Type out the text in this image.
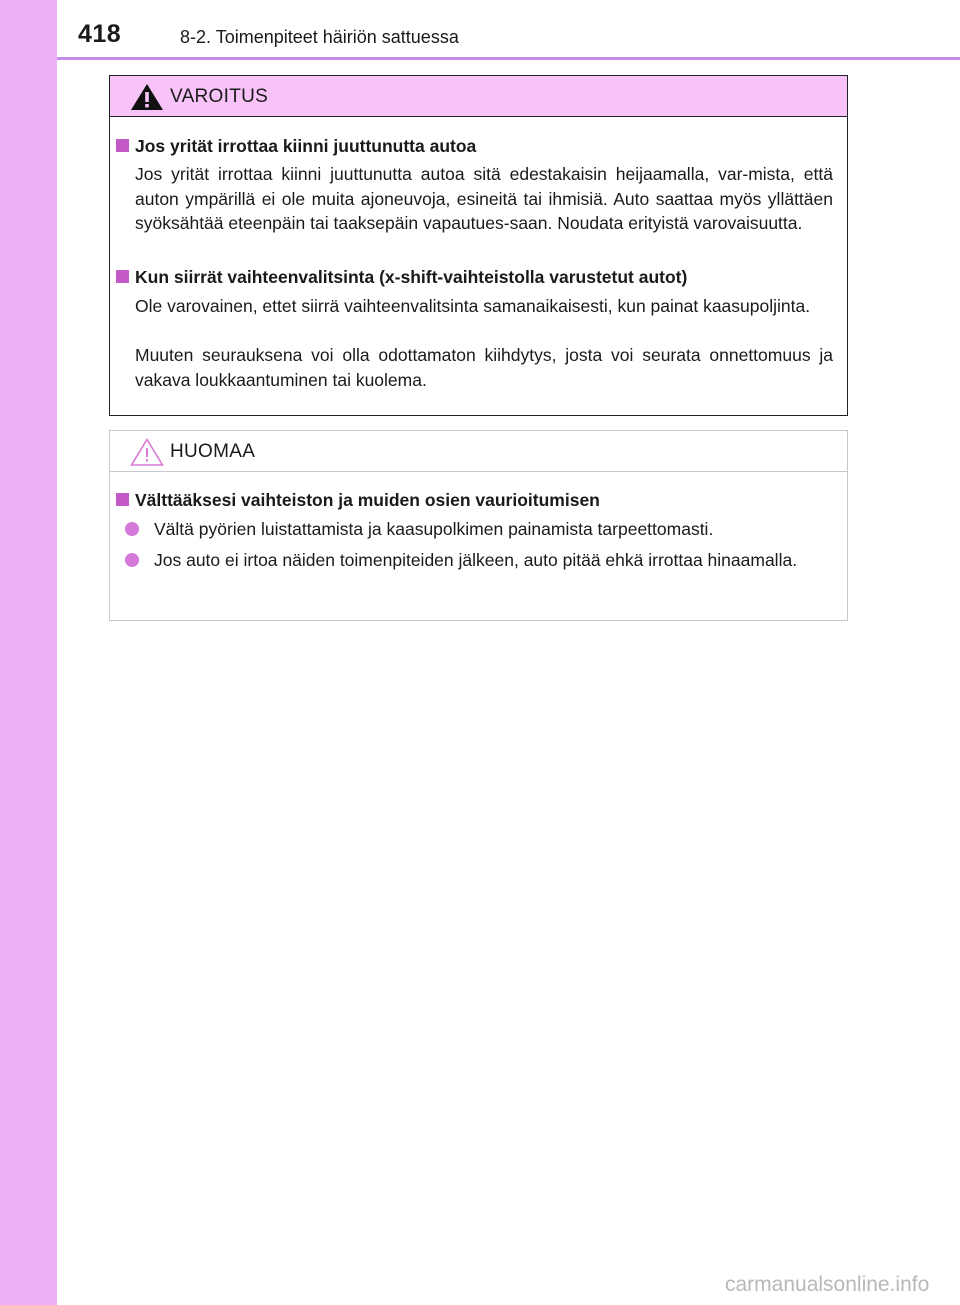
418	8-2. Toimenpiteet häiriön sattuessa
VAROITUS
Jos yrität irrottaa kiinni juuttunutta autoa
Jos yrität irrottaa kiinni juuttunutta autoa sitä edestakaisin heijaamalla, var-mista, että auton ympärillä ei ole muita ajoneuvoja, esineitä tai ihmisiä. Auto saattaa myös yllättäen syöksähtää eteenpäin tai taaksepäin vapautues-saan. Noudata erityistä varovaisuutta.
Kun siirrät vaihteenvalitsinta (x-shift-vaihteistolla varustetut autot)
Ole varovainen, ettet siirrä vaihteenvalitsinta samanaikaisesti, kun painat kaasupoljinta.
Muuten seurauksena voi olla odottamaton kiihdytys, josta voi seurata onnettomuus ja vakava loukkaantuminen tai kuolema.
HUOMAA
Välttääksesi vaihteiston ja muiden osien vaurioitumisen
Vältä pyörien luistattamista ja kaasupolkimen painamista tarpeettomasti.
Jos auto ei irtoa näiden toimenpiteiden jälkeen, auto pitää ehkä irrottaa hinaamalla.
carmanualsonline.info
